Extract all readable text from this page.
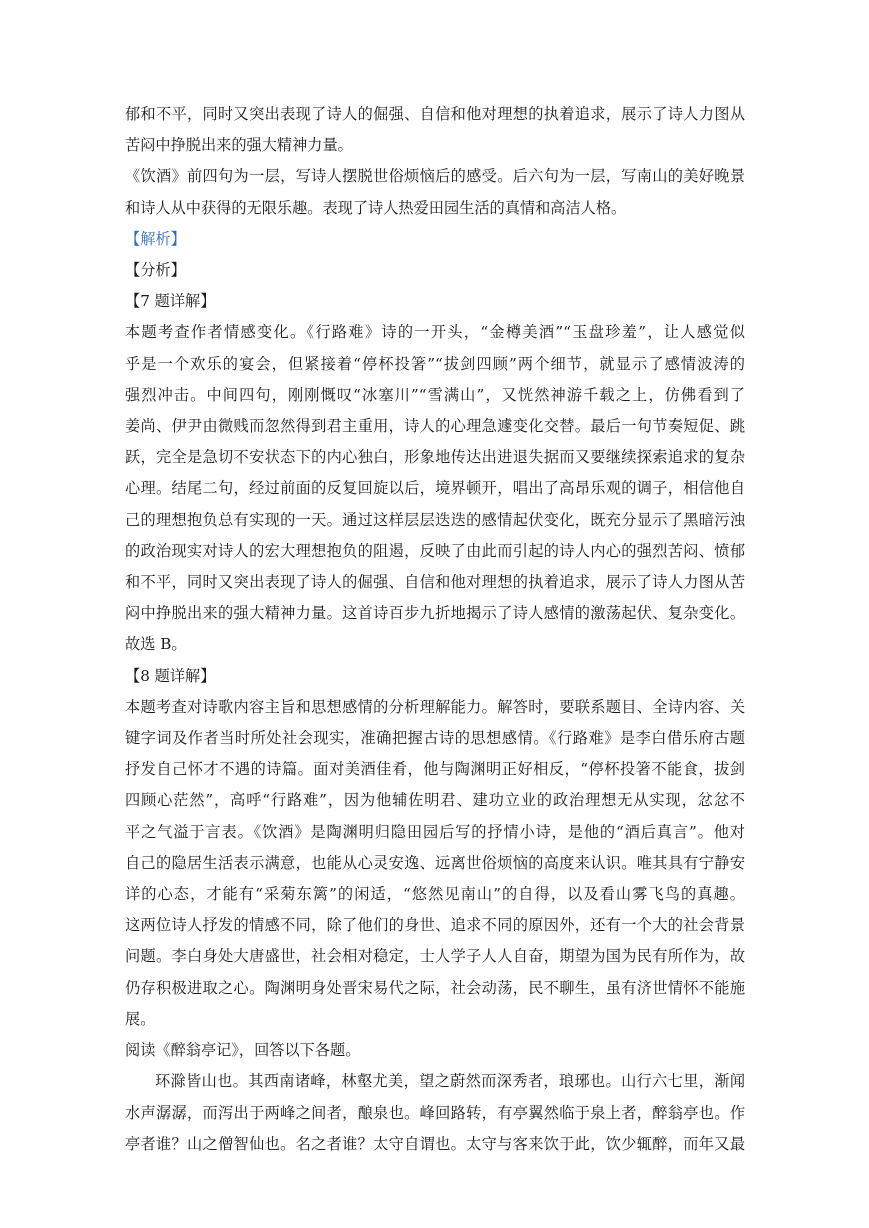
郁和不平，同时又突出表现了诗人的倔强、自信和他对理想的执着追求，展示了诗人力图从
苦闷中挣脱出来的强大精神力量。
《饮酒》前四句为一层，写诗人摆脱世俗烦恼后的感受。后六句为一层，写南山的美好晚景
和诗人从中获得的无限乐趣。表现了诗人热爱田园生活的真情和高洁人格。
【解析】
【分析】
【7 题详解】
本题考查作者情感变化。《行路难》诗的一开头，“金樽美酒”“玉盘珍羞”，让人感觉似
乎是一个欢乐的宴会，但紧接着“停杯投箸”“拔剑四顾”两个细节，就显示了感情波涛的
强烈冲击。中间四句，刚刚慨叹“冰塞川”“雪满山”，又恍然神游千载之上，仿佛看到了
姜尚、伊尹由微贱而忽然得到君主重用，诗人的心理急遽变化交替。最后一句节奏短促、跳
跃，完全是急切不安状态下的内心独白，形象地传达出进退失据而又要继续探索追求的复杂
心理。结尾二句，经过前面的反复回旋以后，境界顿开，唱出了高昂乐观的调子，相信他自
己的理想抱负总有实现的一天。通过这样层层迭迭的感情起伏变化，既充分显示了黑暗污浊
的政治现实对诗人的宏大理想抱负的阻遏，反映了由此而引起的诗人内心的强烈苦闷、愤郁
和不平，同时又突出表现了诗人的倔强、自信和他对理想的执着追求，展示了诗人力图从苦
闷中挣脱出来的强大精神力量。这首诗百步九折地揭示了诗人感情的激荡起伏、复杂变化。
故选 B。
【8 题详解】
本题考查对诗歌内容主旨和思想感情的分析理解能力。解答时，要联系题目、全诗内容、关
键字词及作者当时所处社会现实，准确把握古诗的思想感情。《行路难》是李白借乐府古题
抒发自己怀才不遇的诗篇。面对美酒佳肴，他与陶渊明正好相反，“停杯投箸不能食，拔剑
四顾心茫然”，高呼“行路难”，因为他辅佐明君、建功立业的政治理想无从实现，忿忿不
平之气溢于言表。《饮酒》是陶渊明归隐田园后写的抒情小诗，是他的“酒后真言”。他对
自己的隐居生活表示满意，也能从心灵安逸、远离世俗烦恼的高度来认识。唯其具有宁静安
详的心态，才能有“采菊东篱”的闲适，“悠然见南山”的自得，以及看山雾飞鸟的真趣。
这两位诗人抒发的情感不同，除了他们的身世、追求不同的原因外，还有一个大的社会背景
问题。李白身处大唐盛世，社会相对稳定，士人学子人人自奋，期望为国为民有所作为，故
仍存积极进取之心。陶渊明身处晋宋易代之际，社会动荡，民不聊生，虽有济世情怀不能施
展。
阅读《醉翁亭记》，回答以下各题。
环滁皆山也。其西南诸峰，林壑尤美，望之蔚然而深秀者，琅琊也。山行六七里，渐闻
水声潺潺，而泻出于两峰之间者，酿泉也。峰回路转，有亭翼然临于泉上者，醉翁亭也。作
亭者谁？山之僧智仙也。名之者谁？太守自谓也。太守与客来饮于此，饮少辄醉，而年又最
